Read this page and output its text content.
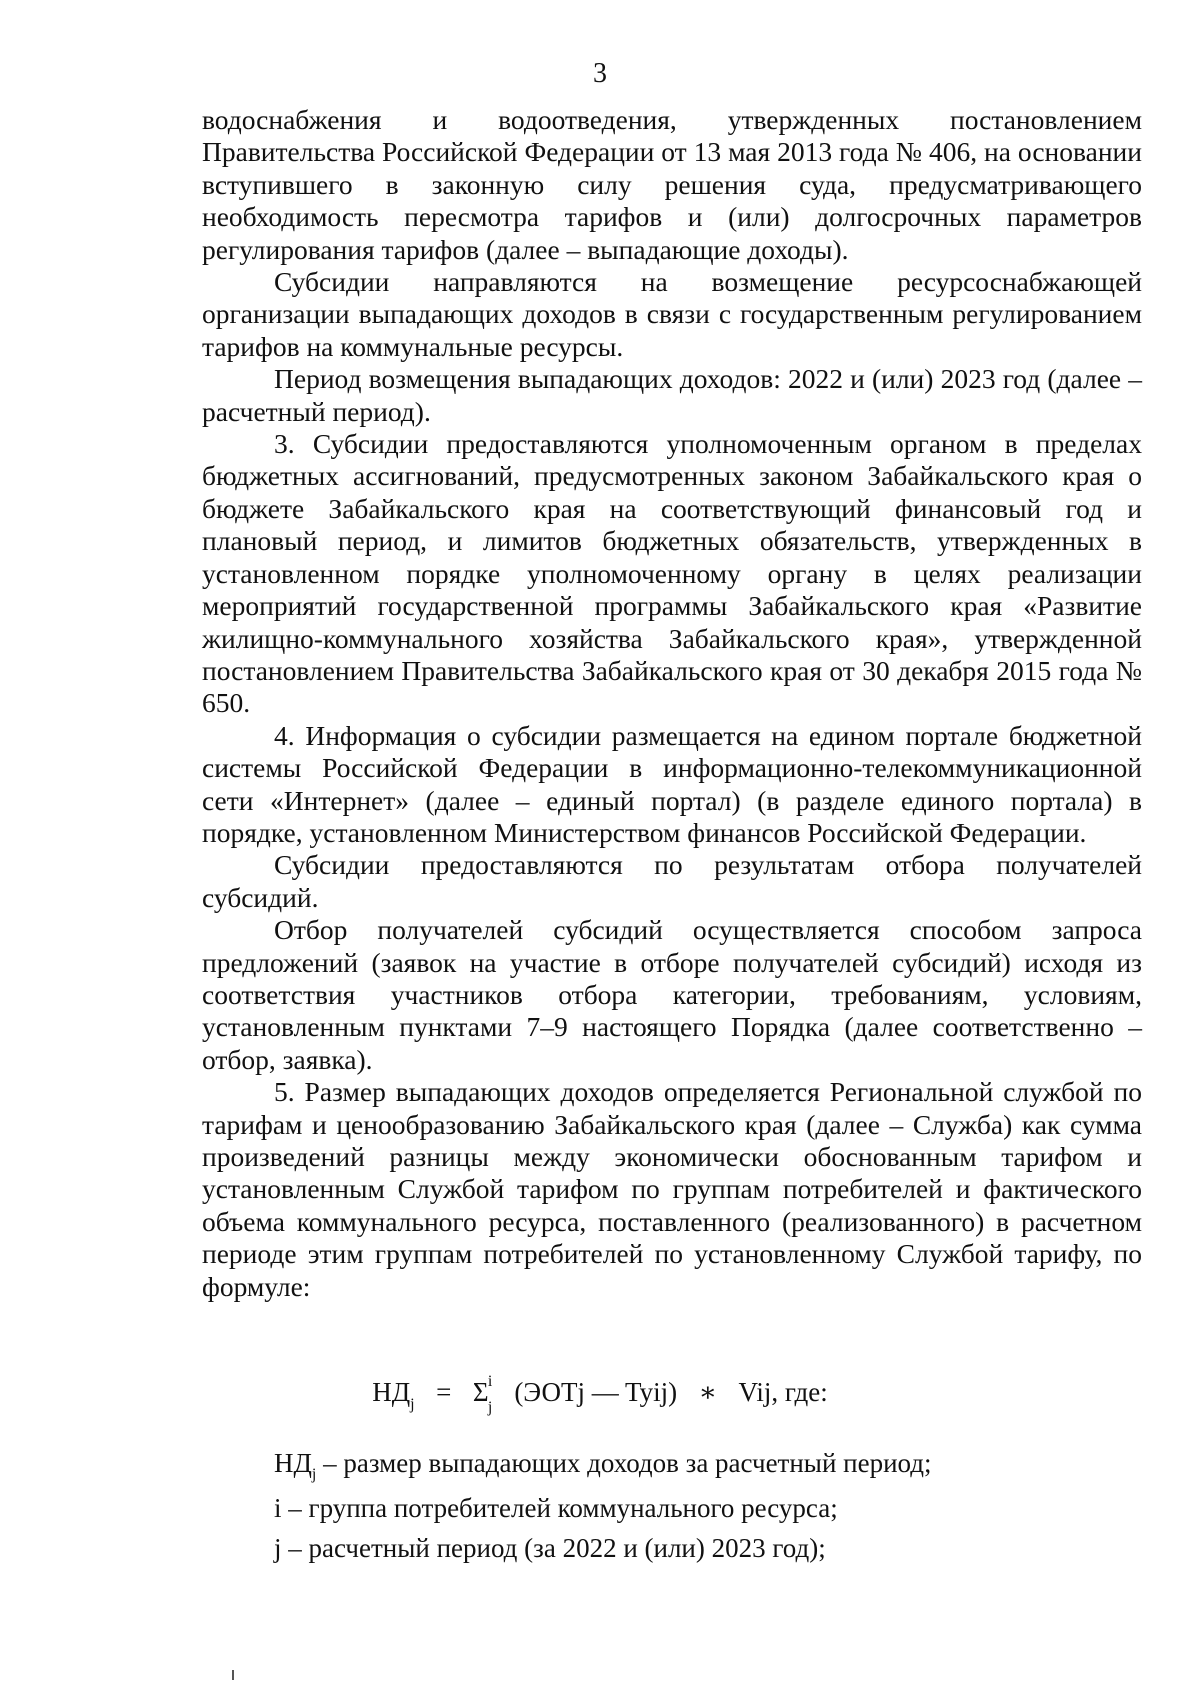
3

водоснабжения и водоотведения, утвержденных постановлением Правительства Российской Федерации от 13 мая 2013 года № 406, на основании вступившего в законную силу решения суда, предусматривающего необходимость пересмотра тарифов и (или) долгосрочных параметров регулирования тарифов (далее – выпадающие доходы).

Субсидии направляются на возмещение ресурсоснабжающей организации выпадающих доходов в связи с государственным регулированием тарифов на коммунальные ресурсы.

Период возмещения выпадающих доходов: 2022 и (или) 2023 год (далее – расчетный период).

3. Субсидии предоставляются уполномоченным органом в пределах бюджетных ассигнований, предусмотренных законом Забайкальского края о бюджете Забайкальского края на соответствующий финансовый год и плановый период, и лимитов бюджетных обязательств, утвержденных в установленном порядке уполномоченному органу в целях реализации мероприятий государственной программы Забайкальского края «Развитие жилищно-коммунального хозяйства Забайкальского края», утвержденной постановлением Правительства Забайкальского края от 30 декабря 2015 года № 650.

4. Информация о субсидии размещается на едином портале бюджетной системы Российской Федерации в информационно-телекоммуникационной сети «Интернет» (далее – единый портал) (в разделе единого портала) в порядке, установленном Министерством финансов Российской Федерации.

Субсидии предоставляются по результатам отбора получателей субсидий.

Отбор получателей субсидий осуществляется способом запроса предложений (заявок на участие в отборе получателей субсидий) исходя из соответствия участников отбора категории, требованиям, условиям, установленным пунктами 7–9 настоящего Порядка (далее соответственно – отбор, заявка).

5. Размер выпадающих доходов определяется Региональной службой по тарифам и ценообразованию Забайкальского края (далее – Служба) как сумма произведений разницы между экономически обоснованным тарифом и установленным Службой тарифом по группам потребителей и фактического объема коммунального ресурса, поставленного (реализованного) в расчетном периоде этим группам потребителей по установленному Службой тарифу, по формуле:

$НД_j = \Sigma$ i
j
(ЭОТj — Tyij) ∗ Vij, где:

$НД_j$ – размер выпадающих доходов за расчетный период;

i – группа потребителей коммунального ресурса;

j – расчетный период (за 2022 и (или) 2023 год);
